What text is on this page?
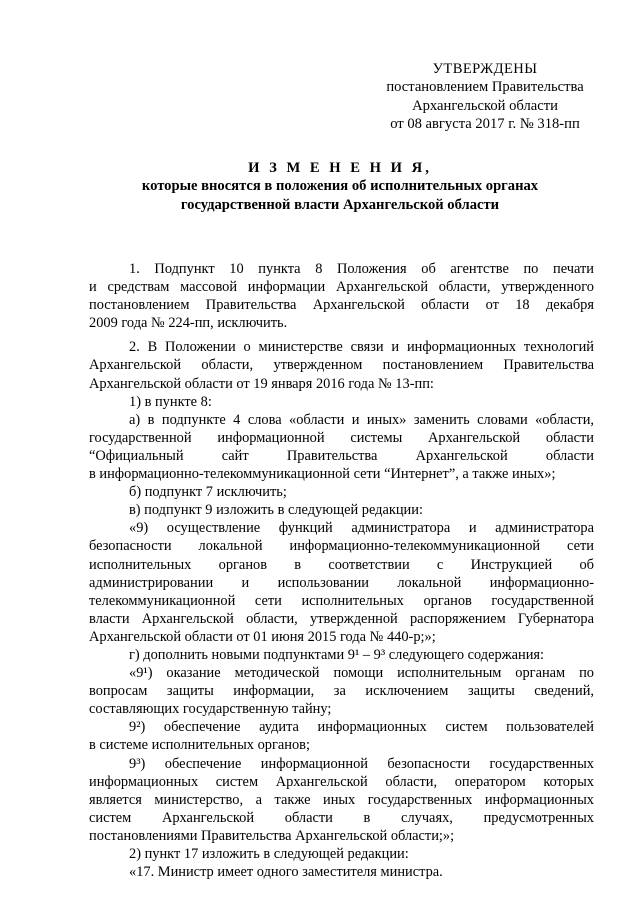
УТВЕРЖДЕНЫ
постановлением Правительства
Архангельской области
от 08 августа 2017 г. № 318-пп
И З М Е Н Е Н И Я,
которые вносятся в положения об исполнительных органах
государственной власти Архангельской области
1. Подпункт 10 пункта 8 Положения об агентстве по печати
и средствам массовой информации Архангельской области, утвержденного
постановлением Правительства Архангельской области от 18 декабря
2009 года № 224-пп, исключить.
2. В Положении о министерстве связи и информационных технологий
Архангельской области, утвержденном постановлением Правительства
Архангельской области от 19 января 2016 года № 13-пп:
1) в пункте 8:
а) в подпункте 4 слова «области и иных» заменить словами «области,
государственной информационной системы Архангельской области
“Официальный сайт Правительства Архангельской области
в информационно-телекоммуникационной сети “Интернет”, а также иных»;
б) подпункт 7 исключить;
в) подпункт 9 изложить в следующей редакции:
«9) осуществление функций администратора и администратора
безопасности локальной информационно-телекоммуникационной сети
исполнительных органов в соответствии с Инструкцией об
администрировании и использовании локальной информационно-
телекоммуникационной сети исполнительных органов государственной
власти Архангельской области, утвержденной распоряжением Губернатора
Архангельской области от 01 июня 2015 года № 440-р;»;
г) дополнить новыми подпунктами 9¹ – 9³ следующего содержания:
«9¹) оказание методической помощи исполнительным органам по
вопросам защиты информации, за исключением защиты сведений,
составляющих государственную тайну;
9²) обеспечение аудита информационных систем пользователей
в системе исполнительных органов;
9³) обеспечение информационной безопасности государственных
информационных систем Архангельской области, оператором которых
является министерство, а также иных государственных информационных
систем Архангельской области в случаях, предусмотренных
постановлениями Правительства Архангельской области;»;
2) пункт 17 изложить в следующей редакции:
«17. Министр имеет одного заместителя министра.
